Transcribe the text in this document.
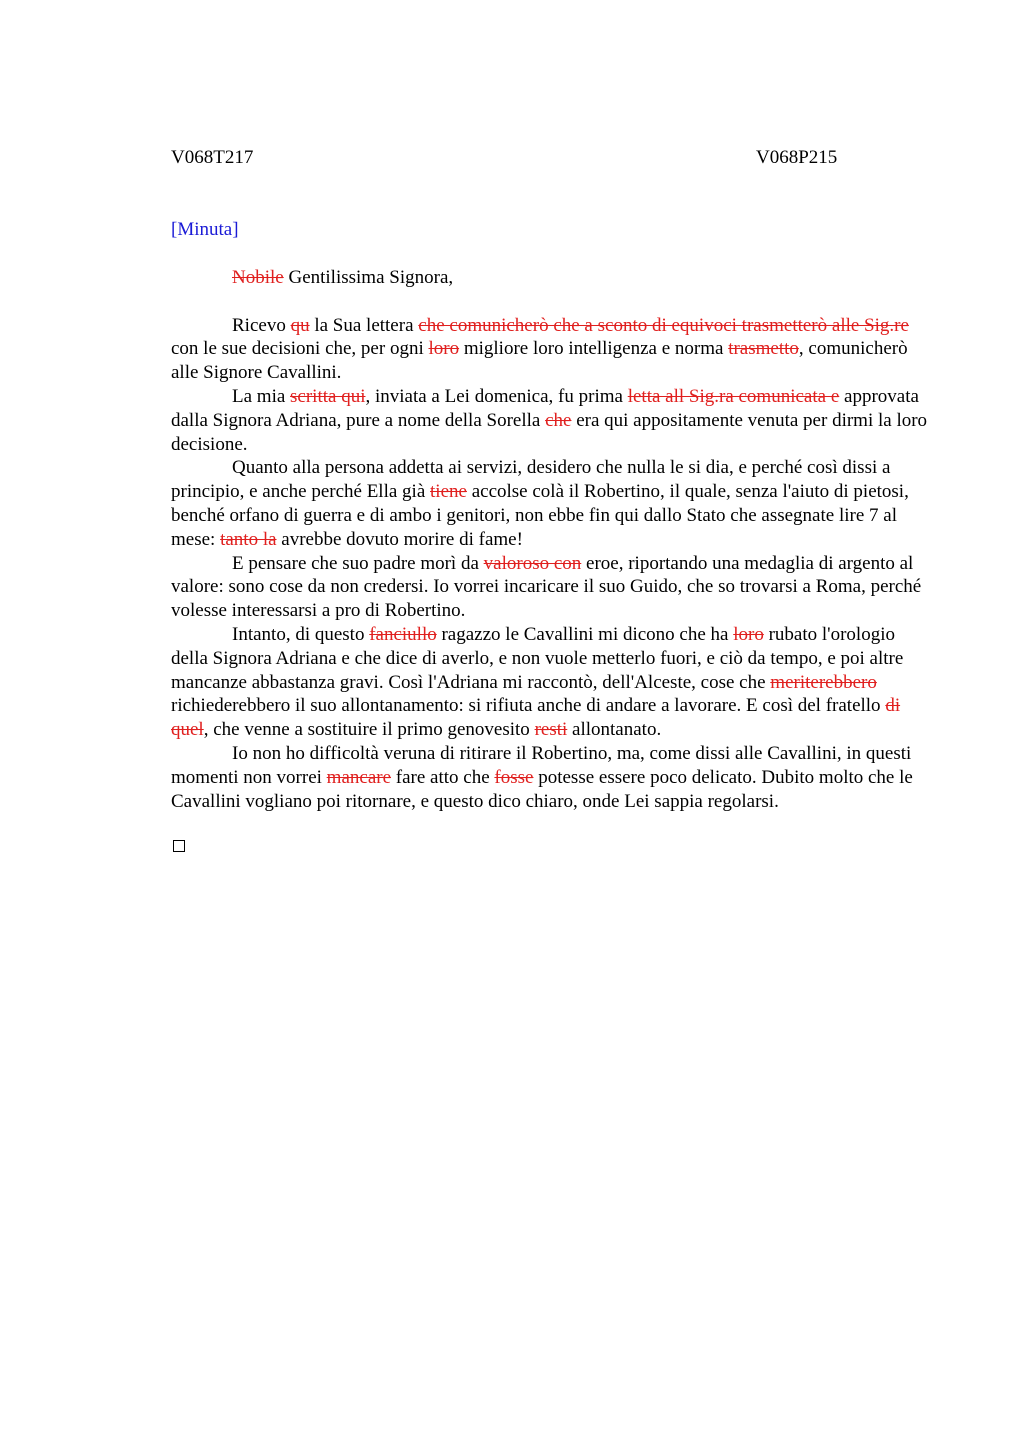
V068T217	V068P215
[Minuta]
Nobile Gentilissima Signora,

Ricevo qu la Sua lettera che comunicherò che a sconto di equivoci trasmetterò alle Sig.re con le sue decisioni che, per ogni loro migliore loro intelligenza e norma trasmetto, comunicherò alle Signore Cavallini.

La mia scritta qui, inviata a Lei domenica, fu prima letta all Sig.ra comunicata e approvata dalla Signora Adriana, pure a nome della Sorella che era qui appositamente venuta per dirmi la loro decisione.

Quanto alla persona addetta ai servizi, desidero che nulla le si dia, e perché così dissi a principio, e anche perché Ella già tiene accolse colà il Robertino, il quale, senza l'aiuto di pietosi, benché orfano di guerra e di ambo i genitori, non ebbe fin qui dallo Stato che assegnate lire 7 al mese: tanto la avrebbe dovuto morire di fame!

E pensare che suo padre morì da valoroso con eroe, riportando una medaglia di argento al valore: sono cose da non credersi. Io vorrei incaricare il suo Guido, che so trovarsi a Roma, perché volesse interessarsi a pro di Robertino.

Intanto, di questo fanciullo ragazzo le Cavallini mi dicono che ha loro rubato l'orologio della Signora Adriana e che dice di averlo, e non vuole metterlo fuori, e ciò da tempo, e poi altre mancanze abbastanza gravi. Così l'Adriana mi raccontò, dell'Alceste, cose che meriterebbero richiederebbero il suo allontanamento: si rifiuta anche di andare a lavorare. E così del fratello di quel, che venne a sostituire il primo genovesito resti allontanato.

Io non ho difficoltà veruna di ritirare il Robertino, ma, come dissi alle Cavallini, in questi momenti non vorrei mancare fare atto che fosse potesse essere poco delicato. Dubito molto che le Cavallini vogliano poi ritornare, e questo dico chiaro, onde Lei sappia regolarsi.
